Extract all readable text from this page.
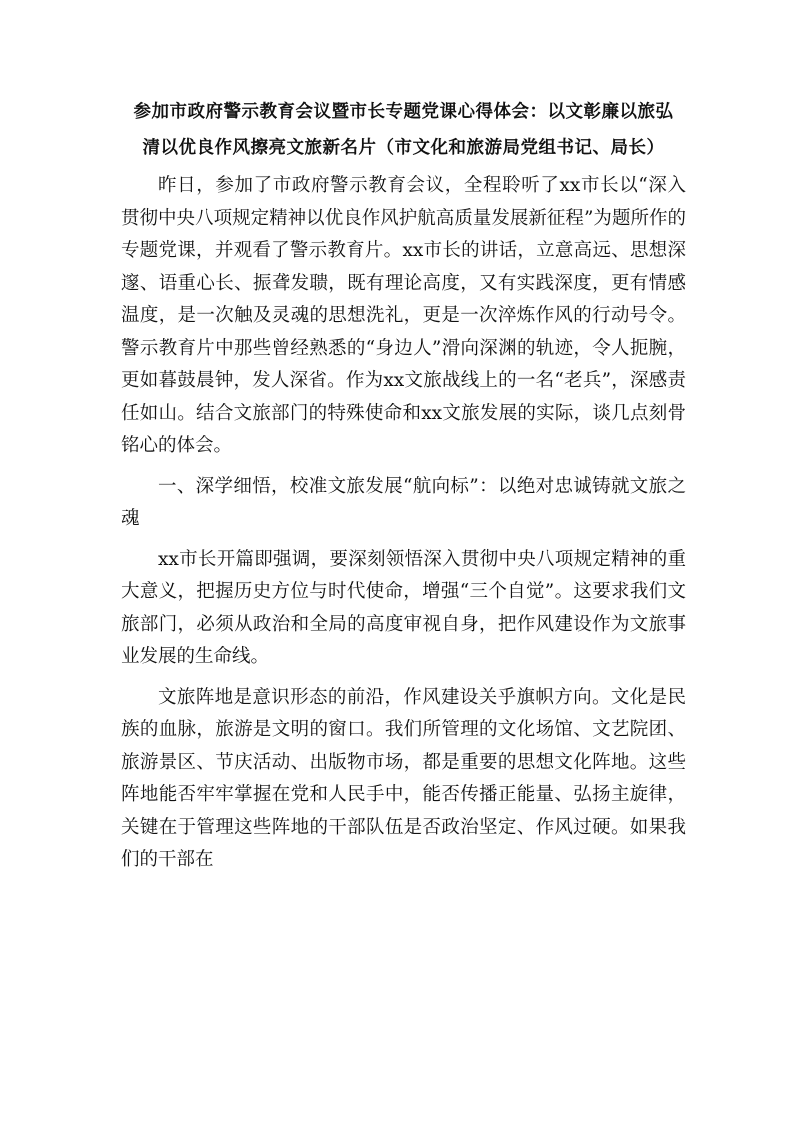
参加市政府警示教育会议暨市长专题党课心得体会：以文彰廉以旅弘
清以优良作风擦亮文旅新名片（市文化和旅游局党组书记、局长）

昨日，参加了市政府警示教育会议，全程聆听了xx市长以“深入贯彻中央八项规定精神以优良作风护航高质量发展新征程”为题所作的专题党课，并观看了警示教育片。xx市长的讲话，立意高远、思想深邃、语重心长、振聋发聩，既有理论高度，又有实践深度，更有情感温度，是一次触及灵魂的思想洗礼，更是一次淬炼作风的行动号令。警示教育片中那些曾经熟悉的“身边人”滑向深渊的轨迹，令人扼腕，更如暮鼓晨钟，发人深省。作为xx文旅战线上的一名“老兵”，深感责任如山。结合文旅部门的特殊使命和xx文旅发展的实际，谈几点刻骨铭心的体会。

一、深学细悟，校准文旅发展“航向标”：以绝对忠诚铸就文旅之魂

xx市长开篇即强调，要深刻领悟深入贯彻中央八项规定精神的重大意义，把握历史方位与时代使命，增强“三个自觉”。这要求我们文旅部门，必须从政治和全局的高度审视自身，把作风建设作为文旅事业发展的生命线。

文旅阵地是意识形态的前沿，作风建设关乎旗帜方向。文化是民族的血脉，旅游是文明的窗口。我们所管理的文化场馆、文艺院团、旅游景区、节庆活动、出版物市场，都是重要的思想文化阵地。这些阵地能否牢牢掌握在党和人民手中，能否传播正能量、弘扬主旋律，关键在于管理这些阵地的干部队伍是否政治坚定、作风过硬。如果我们的干部在
